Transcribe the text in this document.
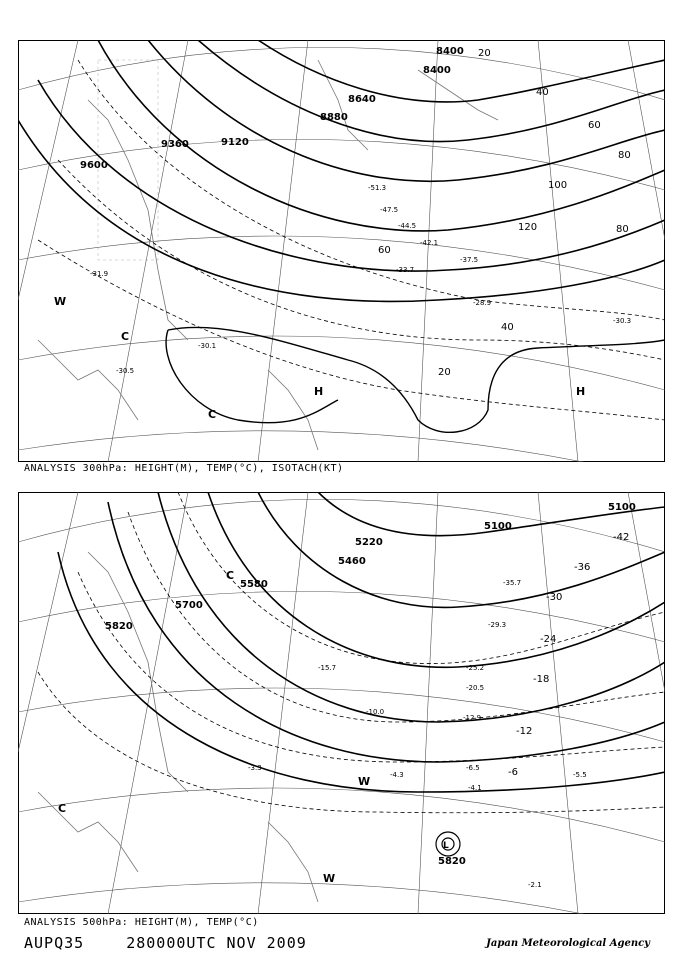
8400
8400
8640
8880
9120
9360
9600
20
40
60
80
100
120	80
60
40
20
-51.3
-47.5
-44.5
-42.1
-37.5
-33.7
-31.9
-30.3
-28.9
-30.1
-30.5
H	H
W
C
C
ANALYSIS 300hPa: HEIGHT(M), TEMP(°C), ISOTACH(KT)
5100
5100
5220
5460
5580
5700
5820
5820
-42
-36
-30
-24
-18
-12
-6
-35.7
-29.3
-25.2
-20.5
-15.7
-12.9
-10.0
-6.5
-4.3
-3.3
-2.1
-4.1
-5.5
C
C
W
W
L
ANALYSIS 500hPa: HEIGHT(M), TEMP(°C)
AUPQ35	280000UTC NOV 2009	Japan Meteorological Agency
